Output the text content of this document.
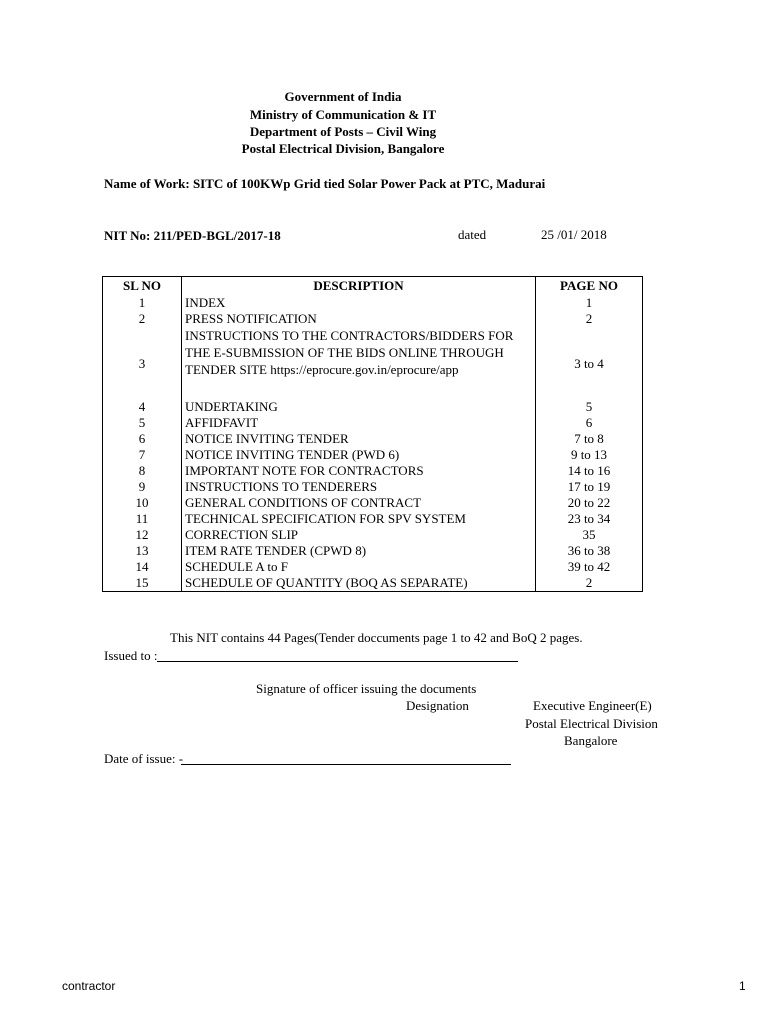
Government of India
Ministry of Communication & IT
Department of Posts – Civil Wing
Postal Electrical Division, Bangalore
Name of Work: SITC of 100KWp Grid tied Solar Power Pack at PTC, Madurai
NIT No: 211/PED-BGL/2017-18	dated	25 /01/ 2018
SL NO	DESCRIPTION	PAGE NO
1	INDEX	1
2	PRESS NOTIFICATION	2
3	INSTRUCTIONS TO THE CONTRACTORS/BIDDERS FOR THE E-SUBMISSION OF THE BIDS ONLINE THROUGH TENDER SITE https://eprocure.gov.in/eprocure/app	3 to 4
4	UNDERTAKING	5
5	AFFIDFAVIT	6
6	NOTICE INVITING TENDER	7 to 8
7	NOTICE INVITING TENDER (PWD 6)	9 to 13
8	IMPORTANT NOTE FOR CONTRACTORS	14 to 16
9	INSTRUCTIONS TO TENDERERS	17 to 19
10	GENERAL CONDITIONS OF CONTRACT	20 to 22
11	TECHNICAL SPECIFICATION FOR SPV SYSTEM	23 to 34
12	CORRECTION SLIP	35
13	ITEM RATE TENDER (CPWD 8)	36 to 38
14	SCHEDULE A to F	39 to 42
15	SCHEDULE OF QUANTITY (BOQ AS SEPARATE)	2
This NIT contains 44 Pages(Tender doccuments page 1 to 42 and BoQ 2 pages.
Issued to :
Signature of officer issuing the documents
Designation	Executive Engineer(E)
Postal Electrical Division
Bangalore
Date of issue: -
contractor	1
